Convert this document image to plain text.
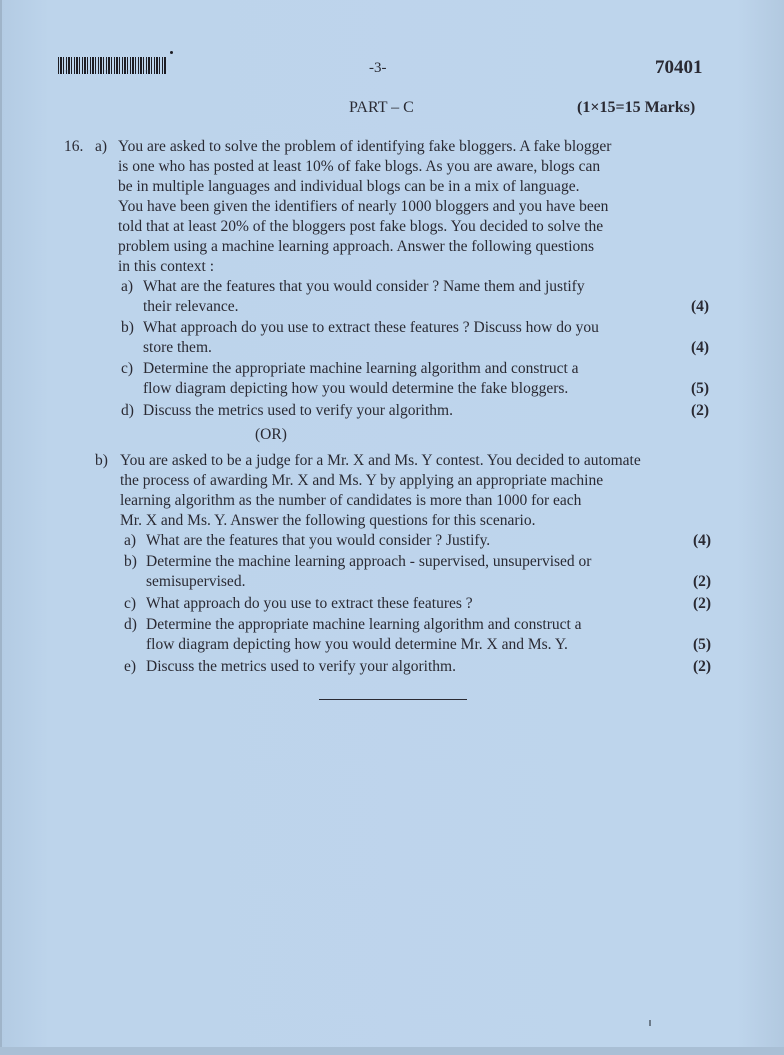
-3-	70401
PART – C	(1×15=15 Marks)
16. a) You are asked to solve the problem of identifying fake bloggers. A fake blogger
is one who has posted at least 10% of fake blogs. As you are aware, blogs can
be in multiple languages and individual blogs can be in a mix of language.
You have been given the identifiers of nearly 1000 bloggers and you have been
told that at least 20% of the bloggers post fake blogs. You decided to solve the
problem using a machine learning approach. Answer the following questions
in this context :
a) What are the features that you would consider ? Name them and justify
their relevance.	(4)
b) What approach do you use to extract these features ? Discuss how do you
store them.	(4)
c) Determine the appropriate machine learning algorithm and construct a
flow diagram depicting how you would determine the fake bloggers.	(5)
d) Discuss the metrics used to verify your algorithm.	(2)
(OR)
b) You are asked to be a judge for a Mr. X and Ms. Y contest. You decided to automate
the process of awarding Mr. X and Ms. Y by applying an appropriate machine
learning algorithm as the number of candidates is more than 1000 for each
Mr. X and Ms. Y. Answer the following questions for this scenario.
a) What are the features that you would consider ? Justify.	(4)
b) Determine the machine learning approach - supervised, unsupervised or
semisupervised.	(2)
c) What approach do you use to extract these features ?	(2)
d) Determine the appropriate machine learning algorithm and construct a
flow diagram depicting how you would determine Mr. X and Ms. Y.	(5)
e) Discuss the metrics used to verify your algorithm.	(2)
